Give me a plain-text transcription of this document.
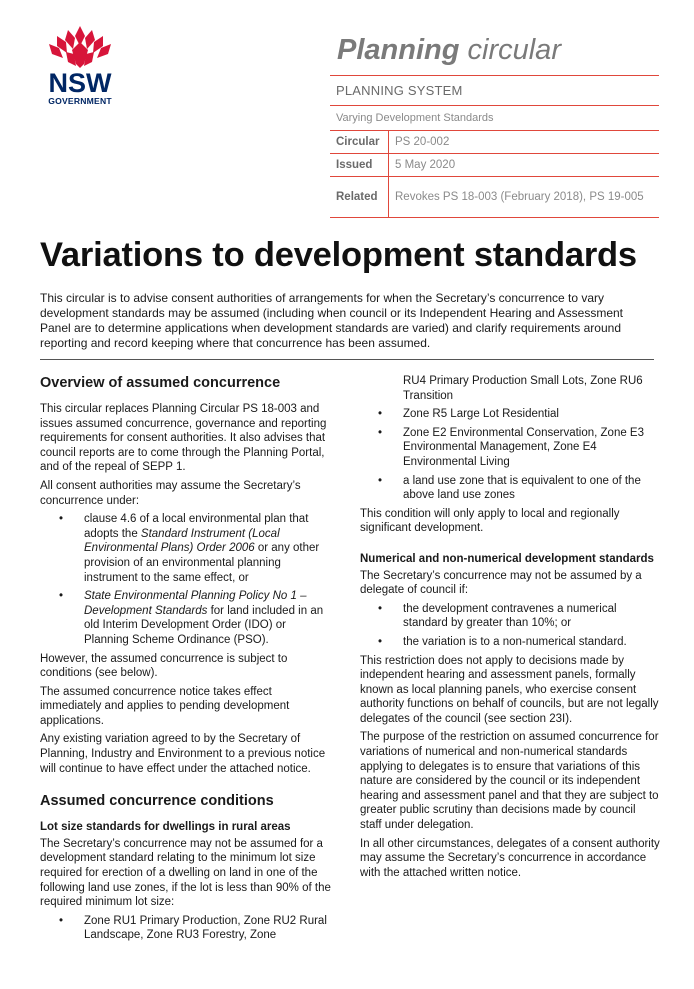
NSW
GOVERNMENT
Planning circular
PLANNING SYSTEM
Varying Development Standards
Circular	PS 20-002
Issued	5 May 2020
Related	Revokes PS 18-003 (February 2018), PS 19-005
Variations to development standards

This circular is to advise consent authorities of arrangements for when the Secretary’s concurrence to vary development standards may be assumed (including when council or its Independent Hearing and Assessment Panel are to determine applications when development standards are varied) and clarify requirements around reporting and record keeping where that concurrence has been assumed.

Overview of assumed concurrence

This circular replaces Planning Circular PS 18-003 and issues assumed concurrence, governance and reporting requirements for consent authorities. It also advises that council reports are to come through the Planning Portal, and of the repeal of SEPP 1.

All consent authorities may assume the Secretary’s concurrence under:

• clause 4.6 of a local environmental plan that adopts the Standard Instrument (Local Environmental Plans) Order 2006 or any other provision of an environmental planning instrument to the same effect, or
• State Environmental Planning Policy No 1 – Development Standards for land included in an old Interim Development Order (IDO) or Planning Scheme Ordinance (PSO).

However, the assumed concurrence is subject to conditions (see below).

The assumed concurrence notice takes effect immediately and applies to pending development applications.

Any existing variation agreed to by the Secretary of Planning, Industry and Environment to a previous notice will continue to have effect under the attached notice.

Assumed concurrence conditions
Lot size standards for dwellings in rural areas

The Secretary’s concurrence may not be assumed for a development standard relating to the minimum lot size required for erection of a dwelling on land in one of the following land use zones, if the lot is less than 90% of the required minimum lot size:

• Zone RU1 Primary Production, Zone RU2 Rural Landscape, Zone RU3 Forestry, Zone
RU4 Primary Production Small Lots, Zone RU6 Transition
• Zone R5 Large Lot Residential
• Zone E2 Environmental Conservation, Zone E3 Environmental Management, Zone E4 Environmental Living
• a land use zone that is equivalent to one of the above land use zones

This condition will only apply to local and regionally significant development.

Numerical and non-numerical development standards

The Secretary’s concurrence may not be assumed by a delegate of council if:

• the development contravenes a numerical standard by greater than 10%; or
• the variation is to a non-numerical standard.

This restriction does not apply to decisions made by independent hearing and assessment panels, formally known as local planning panels, who exercise consent authority functions on behalf of councils, but are not legally delegates of the council (see section 23I).

The purpose of the restriction on assumed concurrence for variations of numerical and non-numerical standards applying to delegates is to ensure that variations of this nature are considered by the council or its independent hearing and assessment panel and that they are subject to greater public scrutiny than decisions made by council staff under delegation.

In all other circumstances, delegates of a consent authority may assume the Secretary’s concurrence in accordance with the attached written notice.
